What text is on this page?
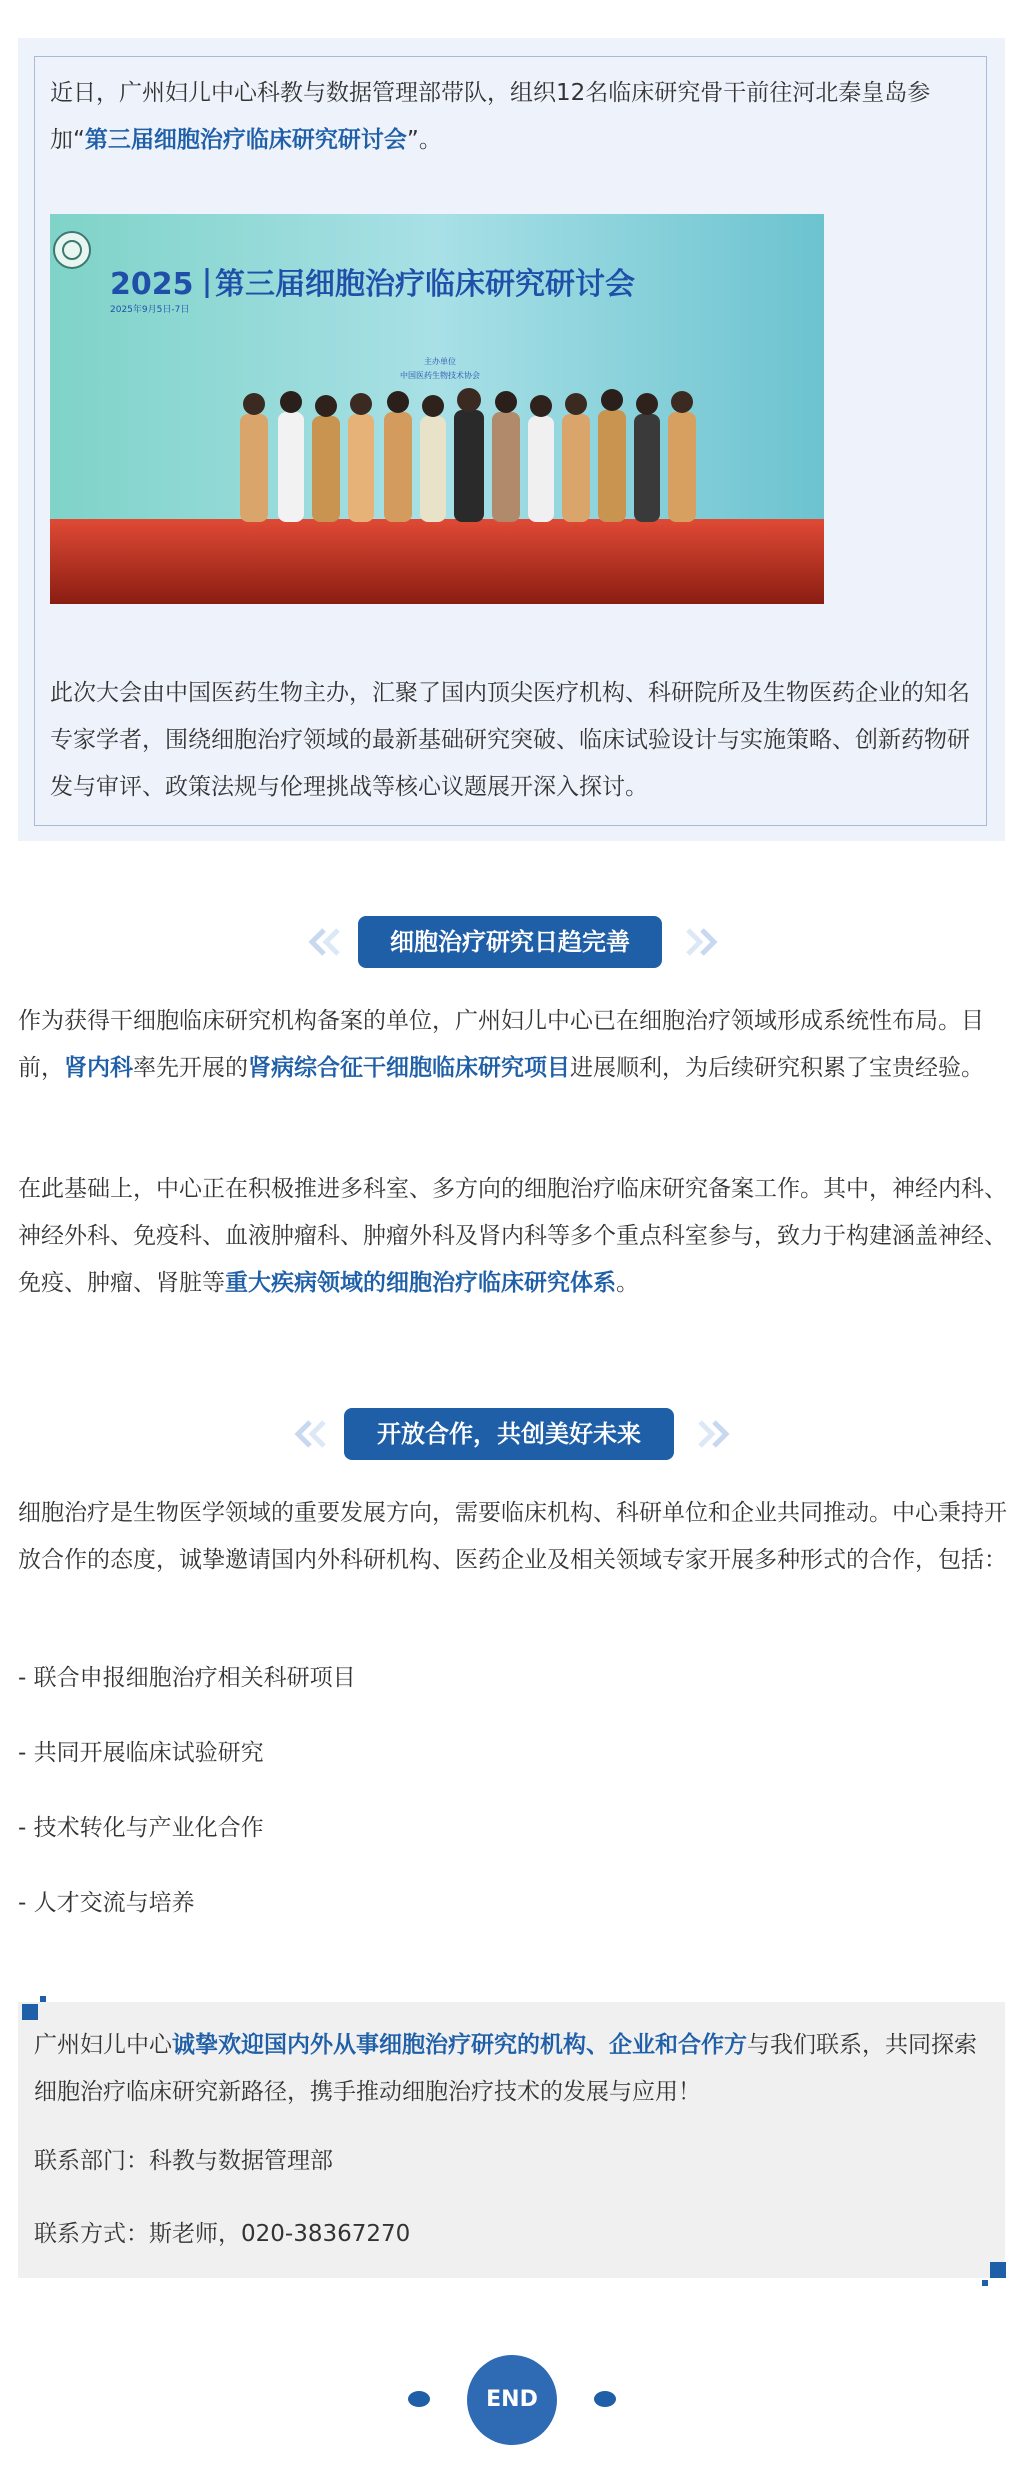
近日，广州妇儿中心科教与数据管理部带队，组织12名临床研究骨干前往河北秦皇岛参加“第三届细胞治疗临床研究研讨会”。

2025 第三届细胞治疗临床研究研讨会
2025年9月5日-7日
主办单位
中国医药生物技术协会

此次大会由中国医药生物主办，汇聚了国内顶尖医疗机构、科研院所及生物医药企业的知名专家学者，围绕细胞治疗领域的最新基础研究突破、临床试验设计与实施策略、创新药物研发与审评、政策法规与伦理挑战等核心议题展开深入探讨。

细胞治疗研究日趋完善

作为获得干细胞临床研究机构备案的单位，广州妇儿中心已在细胞治疗领域形成系统性布局。目前，肾内科率先开展的肾病综合征干细胞临床研究项目进展顺利，为后续研究积累了宝贵经验。

在此基础上，中心正在积极推进多科室、多方向的细胞治疗临床研究备案工作。其中，神经内科、神经外科、免疫科、血液肿瘤科、肿瘤外科及肾内科等多个重点科室参与，致力于构建涵盖神经、免疫、肿瘤、肾脏等重大疾病领域的细胞治疗临床研究体系。

开放合作，共创美好未来

细胞治疗是生物医学领域的重要发展方向，需要临床机构、科研单位和企业共同推动。中心秉持开放合作的态度，诚挚邀请国内外科研机构、医药企业及相关领域专家开展多种形式的合作，包括：

- 联合申报细胞治疗相关科研项目
- 共同开展临床试验研究
- 技术转化与产业化合作
- 人才交流与培养

广州妇儿中心诚挚欢迎国内外从事细胞治疗研究的机构、企业和合作方与我们联系，共同探索细胞治疗临床研究新路径，携手推动细胞治疗技术的发展与应用！

联系部门：科教与数据管理部
联系方式：斯老师，020-38367270
END
